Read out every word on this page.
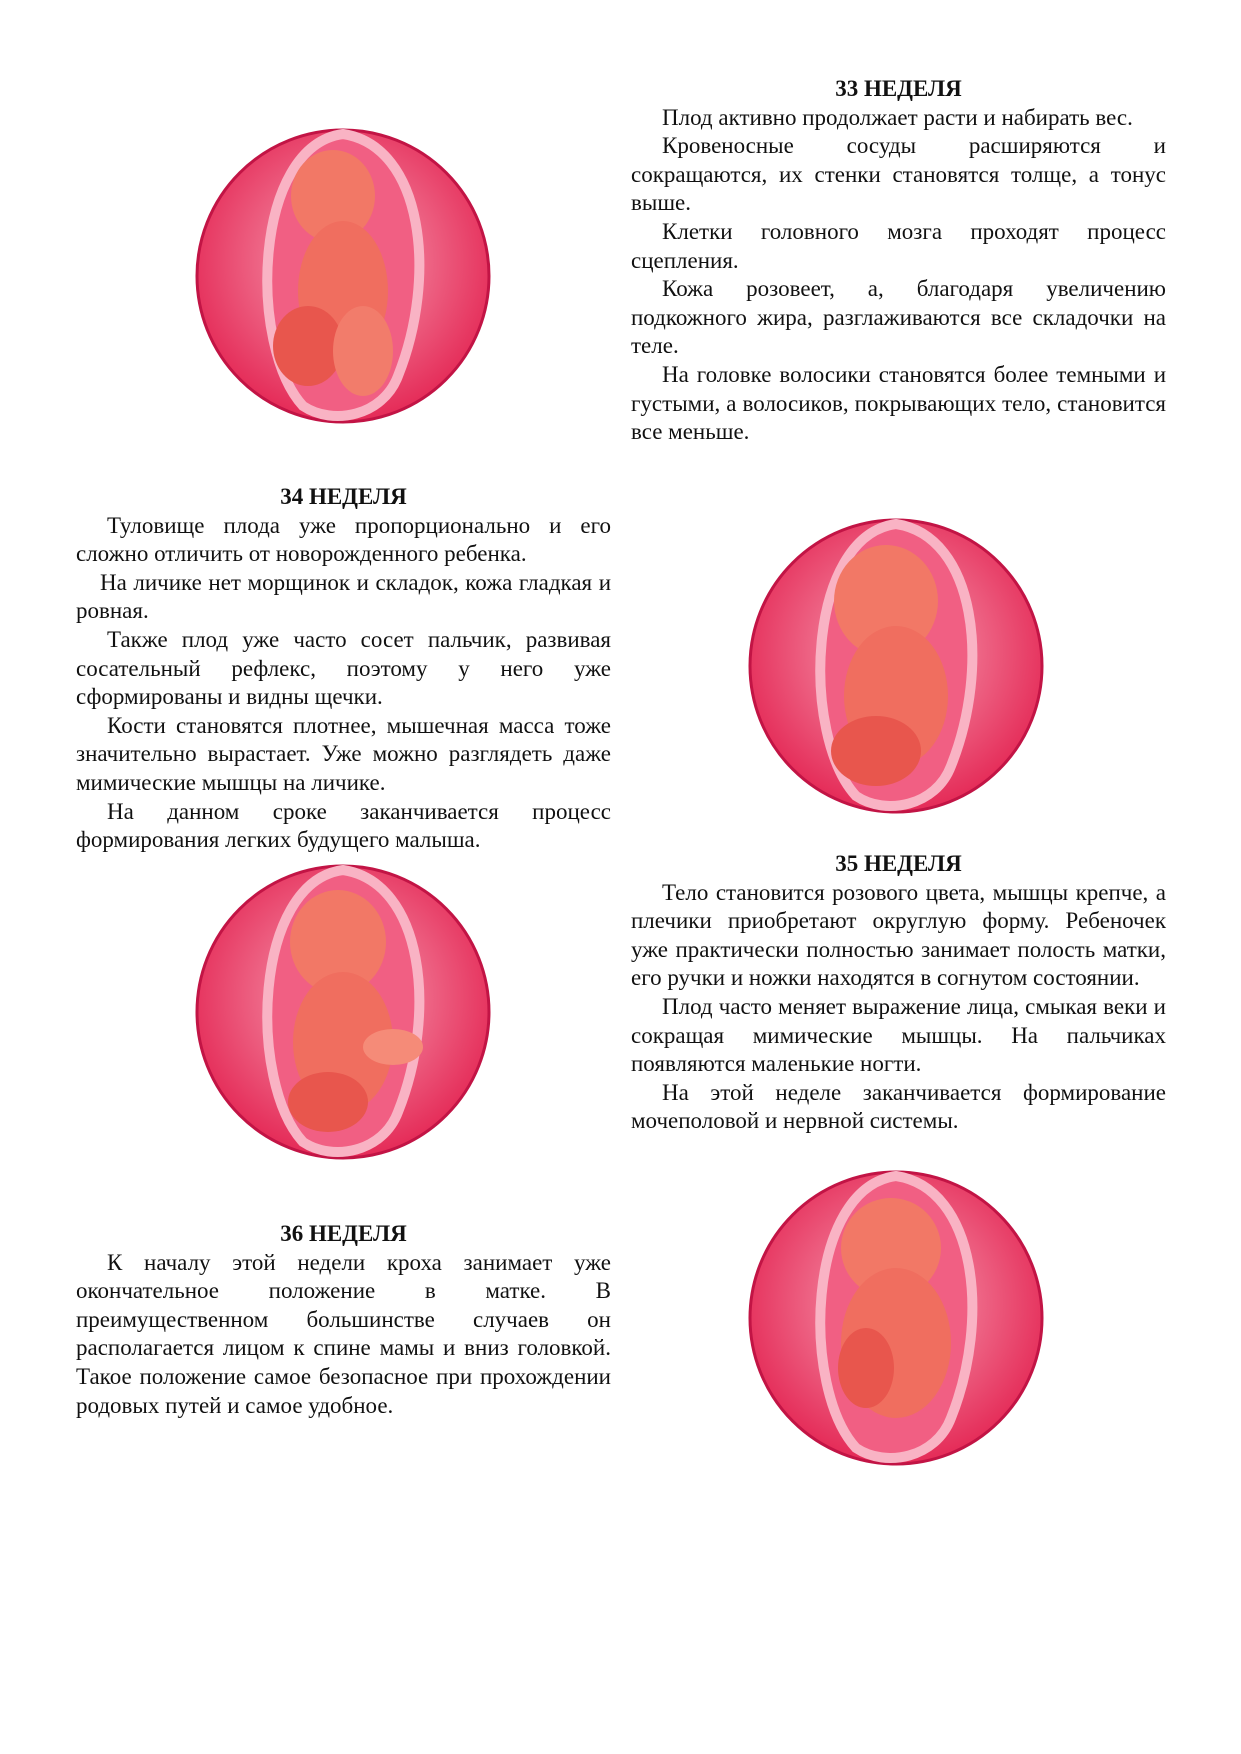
34 НЕДЕЛЯ

Туловище плода уже пропорционально и его сложно отличить от новорожденного ребенка.

На личике нет морщинок и складок, кожа гладкая и ровная.

Также плод уже часто сосет пальчик, развивая сосательный рефлекс, поэтому у него уже сформированы и видны щечки.

Кости становятся плотнее, мышечная масса тоже значительно вырастает. Уже можно разглядеть даже мимические мышцы на личике.

На данном сроке заканчивается процесс формирования легких будущего малыша.

36 НЕДЕЛЯ

К началу этой недели кроха занимает уже окончательное положение в матке. В преимущественном большинстве случаев он располагается лицом к спине мамы и вниз головкой. Такое положение самое безопасное при прохождении родовых путей и самое удобное.

33 НЕДЕЛЯ

Плод активно продолжает расти и набирать вес.

Кровеносные сосуды расширяются и сокращаются, их стенки становятся толще, а тонус выше.

Клетки головного мозга проходят процесс сцепления.

Кожа розовеет, а, благодаря увеличению подкожного жира, разглаживаются все складочки на теле.

На головке волосики становятся более темными и густыми, а волосиков, покрывающих тело, становится все меньше.

35 НЕДЕЛЯ

Тело становится розового цвета, мышцы крепче, а плечики приобретают округлую форму. Ребеночек уже практически полностью занимает полость матки, его ручки и ножки находятся в согнутом состоянии.

Плод часто меняет выражение лица, смыкая веки и сокращая мимические мышцы. На пальчиках появляются маленькие ногти.

На этой неделе заканчивается формирование мочеполовой и нервной системы.
